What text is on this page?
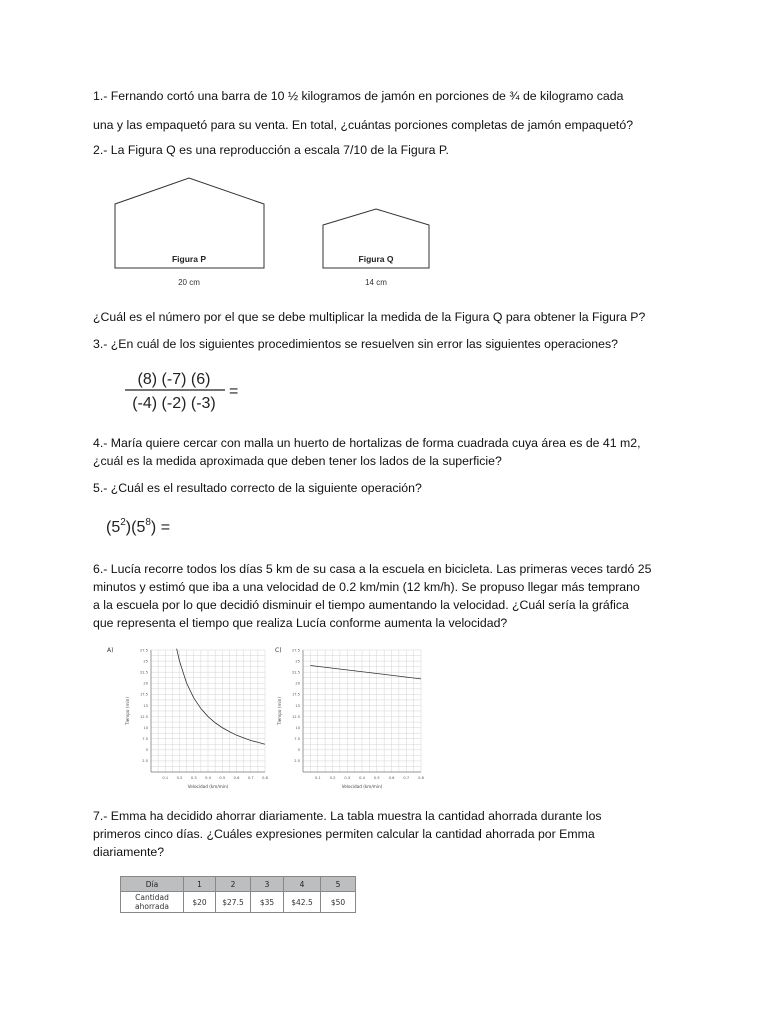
1.- Fernando cortó una barra de 10 ½ kilogramos de jamón en porciones de ¾ de kilogramo cada

una y las empaquetó para su venta. En total, ¿cuántas porciones completas de jamón empaquetó?

2.- La Figura Q es una reproducción a escala 7/10 de la Figura P.

Figura P	Figura Q
20 cm	14 cm

¿Cuál es el número por el que se debe multiplicar la medida de la Figura Q para obtener la Figura P?

3.- ¿En cuál de los siguientes procedimientos se resuelven sin error las siguientes operaciones?

(8) (-7) (6)
(-4) (-2) (-3)
=

4.- María quiere cercar con malla un huerto de hortalizas de forma cuadrada cuya área es de 41 m2,

¿cuál es la medida aproximada que deben tener los lados de la superficie?

5.- ¿Cuál es el resultado correcto de la siguiente operación?

$(5^2)(5^8)$ =

6.- Lucía recorre todos los días 5 km de su casa a la escuela en bicicleta. Las primeras veces tardó 25

minutos y estimó que iba a una velocidad de 0.2 km/min (12 km/h). Se propuso llegar más temprano

a la escuela por lo que decidió disminuir el tiempo aumentando la velocidad. ¿Cuál sería la gráfica

que representa el tiempo que realiza Lucía conforme aumenta la velocidad?

A)
0.1 0.2 0.3 0.4 0.5 0.6 0.7 0.8
2.5
5
7.5
10
12.5
15
17.5
20
22.5
25
27.5
Velocidad (km/min)
Tiempo (min)
C)
0.1	0.2	0.3	0.4	0.5	0.6	0.7	0.8
2.5
5
7.5
10
12.5
15
17.5
20
22.5
25
27.5
Velocidad (km/min)
Tiempo (min)

7.- Emma ha decidido ahorrar diariamente. La tabla muestra la cantidad ahorrada durante los

primeros cinco días. ¿Cuáles expresiones permiten calcular la cantidad ahorrada por Emma

diariamente?

Día	1	2	3	4	5
Cantidad ahorrada	$20	$27.5	$35	$42.5	$50
